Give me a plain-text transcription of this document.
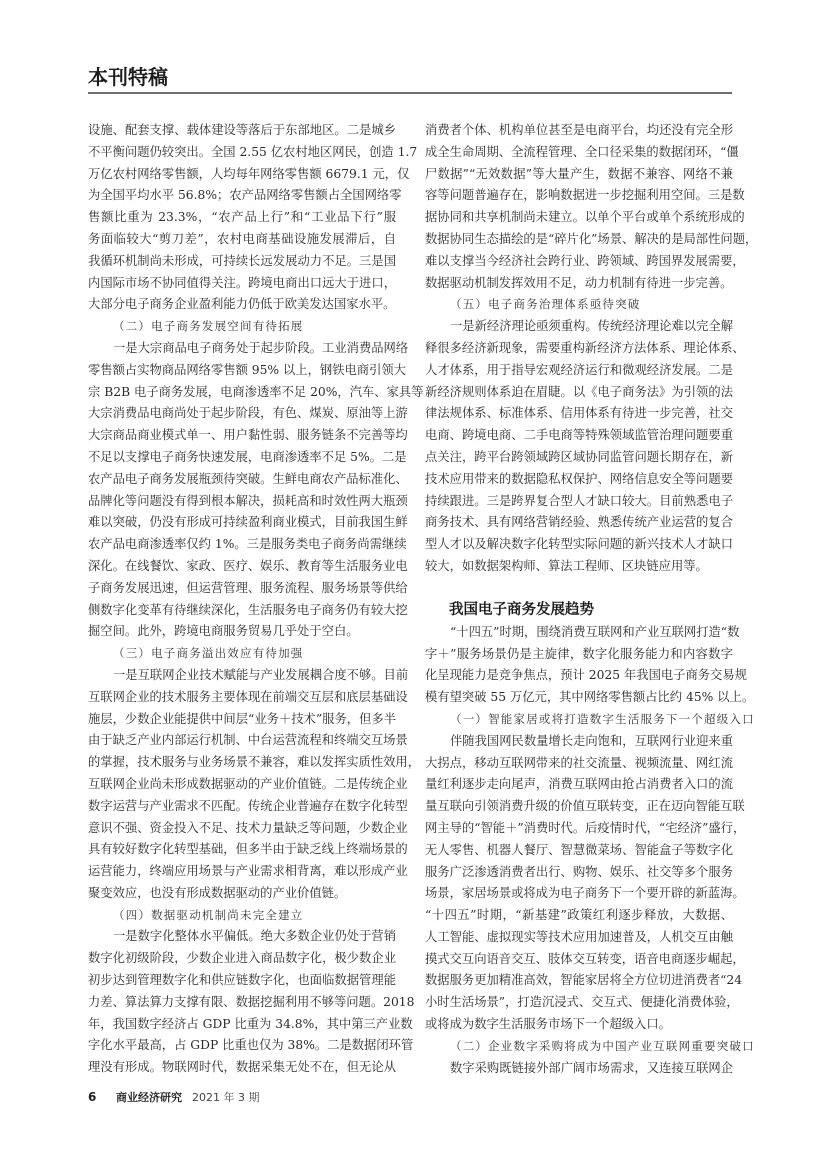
本刊特稿
设施、配套支撑、载体建设等落后于东部地区。二是城乡
不平衡问题仍较突出。全国 2.55 亿农村地区网民，创造 1.7
万亿农村网络零售额，人均每年网络零售额 6679.1 元，仅
为全国平均水平 56.8%；农产品网络零售额占全国网络零
售额比重为 23.3%，“农产品上行”和“工业品下行”服
务面临较大“剪刀差”，农村电商基础设施发展滞后，自
我循环机制尚未形成，可持续长远发展动力不足。三是国
内国际市场不协同值得关注。跨境电商出口远大于进口，
大部分电子商务企业盈利能力仍低于欧美发达国家水平。
（二）电子商务发展空间有待拓展
一是大宗商品电子商务处于起步阶段。工业消费品网络
零售额占实物商品网络零售额 95% 以上，钢铁电商引领大
宗 B2B 电子商务发展，电商渗透率不足 20%，汽车、家具等
大宗消费品电商尚处于起步阶段，有色、煤炭、原油等上游
大宗商品商业模式单一、用户黏性弱、服务链条不完善等均
不足以支撑电子商务快速发展，电商渗透率不足 5%。二是
农产品电子商务发展瓶颈待突破。生鲜电商农产品标准化、
品牌化等问题没有得到根本解决，损耗高和时效性两大瓶颈
难以突破，仍没有形成可持续盈利商业模式，目前我国生鲜
农产品电商渗透率仅约 1%。三是服务类电子商务尚需继续
深化。在线餐饮、家政、医疗、娱乐、教育等生活服务业电
子商务发展迅速，但运营管理、服务流程、服务场景等供给
侧数字化变革有待继续深化，生活服务电子商务仍有较大挖
掘空间。此外，跨境电商服务贸易几乎处于空白。
（三）电子商务溢出效应有待加强
一是互联网企业技术赋能与产业发展耦合度不够。目前
互联网企业的技术服务主要体现在前端交互层和底层基础设
施层，少数企业能提供中间层“业务＋技术”服务，但多半
由于缺乏产业内部运行机制、中台运营流程和终端交互场景
的掌握，技术服务与业务场景不兼容，难以发挥实质性效用，
互联网企业尚未形成数据驱动的产业价值链。二是传统企业
数字运营与产业需求不匹配。传统企业普遍存在数字化转型
意识不强、资金投入不足、技术力量缺乏等问题，少数企业
具有较好数字化转型基础，但多半由于缺乏线上终端场景的
运营能力，终端应用场景与产业需求相背离，难以形成产业
聚变效应，也没有形成数据驱动的产业价值链。
（四）数据驱动机制尚未完全建立
一是数字化整体水平偏低。绝大多数企业仍处于营销
数字化初级阶段，少数企业进入商品数字化，极少数企业
初步达到管理数字化和供应链数字化，也面临数据管理能
力差、算法算力支撑有限、数据挖掘利用不够等问题。2018
年，我国数字经济占 GDP 比重为 34.8%，其中第三产业数
字化水平最高，占 GDP 比重也仅为 38%。二是数据闭环管
理没有形成。物联网时代，数据采集无处不在，但无论从
消费者个体、机构单位甚至是电商平台，均还没有完全形
成全生命周期、全流程管理、全口径采集的数据闭环，“僵
尸数据”“无效数据”等大量产生，数据不兼容、网络不兼
容等问题普遍存在，影响数据进一步挖掘利用空间。三是数
据协同和共享机制尚未建立。以单个平台或单个系统形成的
数据协同生态描绘的是“碎片化”场景、解决的是局部性问题，
难以支撑当今经济社会跨行业、跨领域、跨国界发展需要，
数据驱动机制发挥效用不足，动力机制有待进一步完善。
（五）电子商务治理体系亟待突破
一是新经济理论亟须重构。传统经济理论难以完全解
释很多经济新现象，需要重构新经济方法体系、理论体系、
人才体系，用于指导宏观经济运行和微观经济发展。二是
新经济规则体系迫在眉睫。以《电子商务法》为引领的法
律法规体系、标准体系、信用体系有待进一步完善，社交
电商、跨境电商、二手电商等特殊领域监管治理问题要重
点关注，跨平台跨领域跨区域协同监管问题长期存在，新
技术应用带来的数据隐私权保护、网络信息安全等问题要
持续跟进。三是跨界复合型人才缺口较大。目前熟悉电子
商务技术、具有网络营销经验、熟悉传统产业运营的复合
型人才以及解决数字化转型实际问题的新兴技术人才缺口
较大，如数据架构师、算法工程师、区块链应用等。
我国电子商务发展趋势
“十四五”时期，围绕消费互联网和产业互联网打造“数
字＋”服务场景仍是主旋律，数字化服务能力和内容数字
化呈现能力是竞争焦点，预计 2025 年我国电子商务交易规
模有望突破 55 万亿元，其中网络零售额占比约 45% 以上。
（一）智能家居或将打造数字生活服务下一个超级入口
伴随我国网民数量增长走向饱和，互联网行业迎来重
大拐点，移动互联网带来的社交流量、视频流量、网红流
量红利逐步走向尾声，消费互联网由抢占消费者入口的流
量互联向引领消费升级的价值互联转变，正在迈向智能互联
网主导的“智能＋”消费时代。后疫情时代，“宅经济”盛行，
无人零售、机器人餐厅、智慧微菜场、智能盒子等数字化
服务广泛渗透消费者出行、购物、娱乐、社交等多个服务
场景，家居场景或将成为电子商务下一个要开辟的新蓝海。
“十四五”时期，“新基建”政策红利逐步释放，大数据、
人工智能、虚拟现实等技术应用加速普及，人机交互由触
摸式交互向语音交互、肢体交互转变，语音电商逐步崛起，
数据服务更加精准高效，智能家居将全方位切进消费者“24
小时生活场景”，打造沉浸式、交互式、便捷化消费体验，
或将成为数字生活服务市场下一个超级入口。
（二）企业数字采购将成为中国产业互联网重要突破口
数字采购既链接外部广阔市场需求，又连接互联网企
6	商业经济研究 2021 年 3 期
